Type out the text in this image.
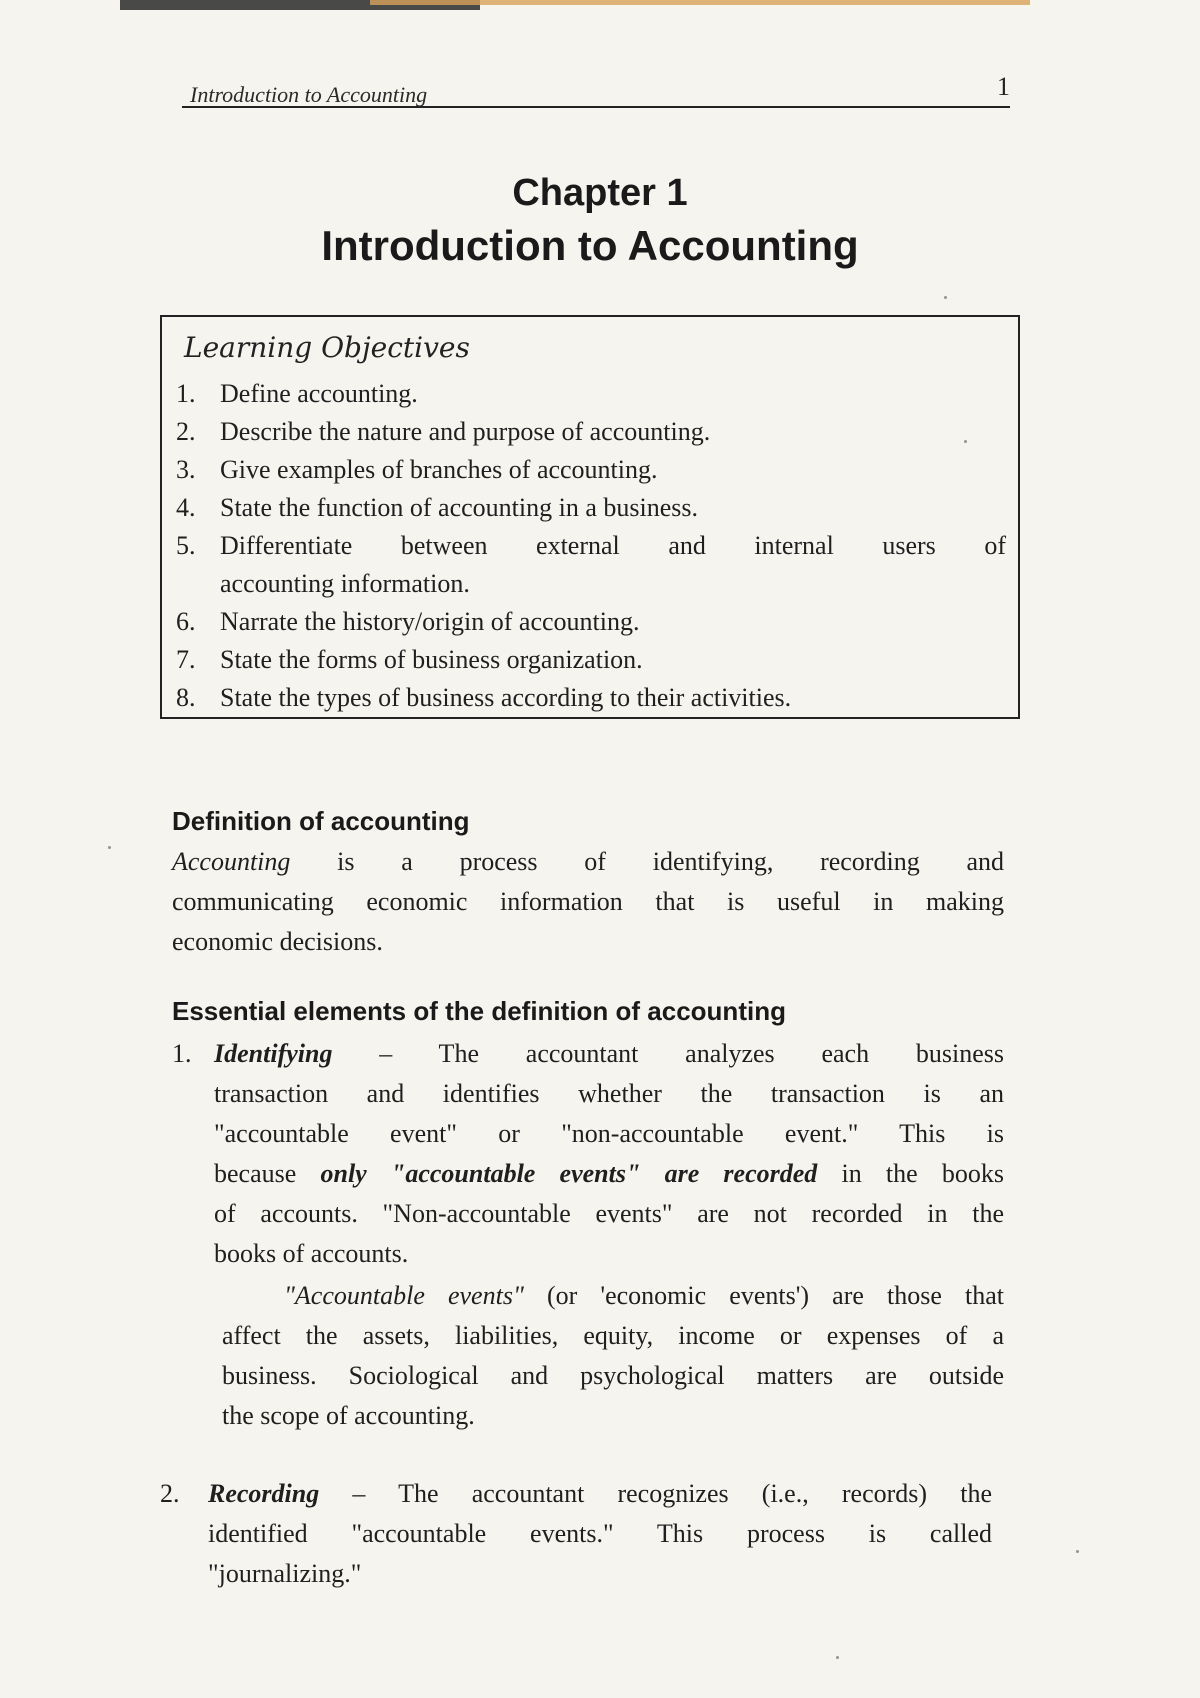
Introduction to Accounting	1
Chapter 1
Introduction to Accounting
Learning Objectives
1. Define accounting.
2. Describe the nature and purpose of accounting.
3. Give examples of branches of accounting.
4. State the function of accounting in a business.
5. Differentiate between external and internal users of
accounting information.
6. Narrate the history/origin of accounting.
7. State the forms of business organization.
8. State the types of business according to their activities.
Definition of accounting
Accounting is a process of identifying, recording and
communicating economic information that is useful in making
economic decisions.
Essential elements of the definition of accounting
1. Identifying – The accountant analyzes each business
transaction and identifies whether the transaction is an
"accountable event" or "non-accountable event." This is
because only "accountable events" are recorded in the books
of accounts. "Non-accountable events" are not recorded in the
books of accounts.
"Accountable events" (or 'economic events') are those that
affect the assets, liabilities, equity, income or expenses of a
business. Sociological and psychological matters are outside
the scope of accounting.
2. Recording – The accountant recognizes (i.e., records) the
identified "accountable events." This process is called
"journalizing."
